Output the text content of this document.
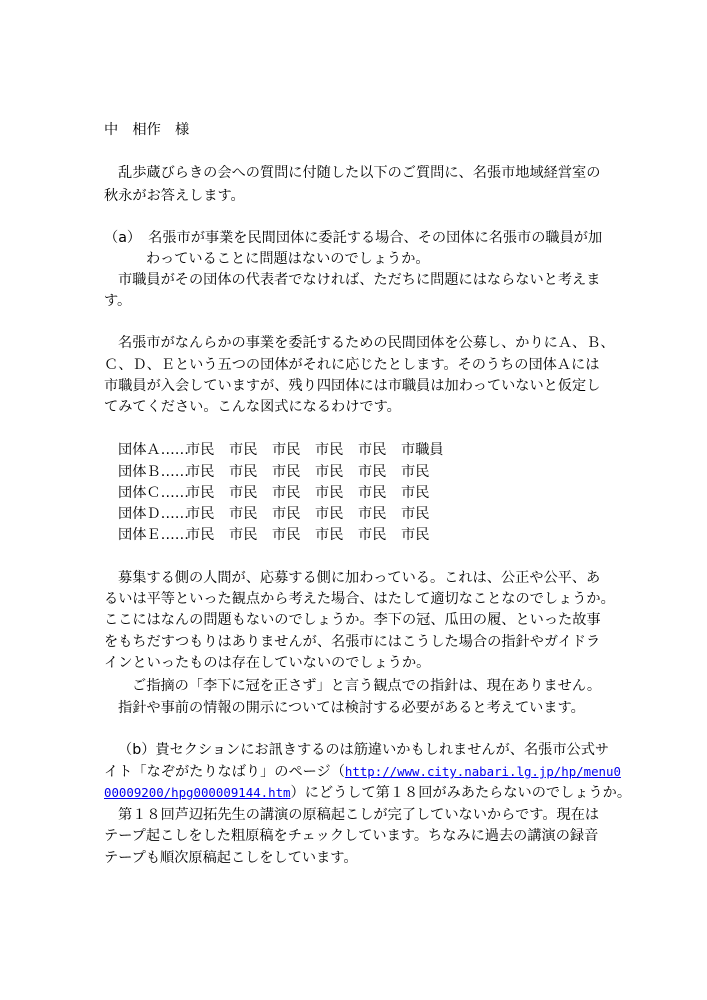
中　相作　様
乱歩蔵びらきの会への質問に付随した以下のご質問に、名張市地域経営室の
秋永がお答えします。
（a）　名張市が事業を民間団体に委託する場合、その団体に名張市の職員が加
わっていることに問題はないのでしょうか。
市職員がその団体の代表者でなければ、ただちに問題にはならないと考えま
す。
名張市がなんらかの事業を委託するための民間団体を公募し、かりにＡ、Ｂ、
Ｃ、Ｄ、Ｅという五つの団体がそれに応じたとします。そのうちの団体Ａには
市職員が入会していますが、残り四団体には市職員は加わっていないと仮定し
てみてください。こんな図式になるわけです。
団体Ａ……
市民 市民 市民 市民 市民 市職員
団体Ｂ……
市民 市民 市民 市民 市民 市民
団体Ｃ……
市民 市民 市民 市民 市民 市民
団体Ｄ……
市民 市民 市民 市民 市民 市民
団体Ｅ……
市民 市民 市民 市民 市民 市民
募集する側の人間が、応募する側に加わっている。これは、公正や公平、あ
るいは平等といった観点から考えた場合、はたして適切なことなのでしょうか。
ここにはなんの問題もないのでしょうか。李下の冠、瓜田の履、といった故事
をもちだすつもりはありませんが、名張市にはこうした場合の指針やガイドラ
インといったものは存在していないのでしょうか。
ご指摘の「李下に冠を正さず」と言う観点での指針は、現在ありません。
指針や事前の情報の開示については検討する必要があると考えています。
（b）貴セクションにお訊きするのは筋違いかもしれませんが、名張市公式サ
イト「なぞがたりなばり」のページ（http://www.city.nabari.lg.jp/hp/menu0
00009200/hpg000009144.htm）にどうして第１８回がみあたらないのでしょうか。
第１８回芦辺拓先生の講演の原稿起こしが完了していないからです。現在は
テープ起こしをした粗原稿をチェックしています。ちなみに過去の講演の録音
テープも順次原稿起こしをしています。
